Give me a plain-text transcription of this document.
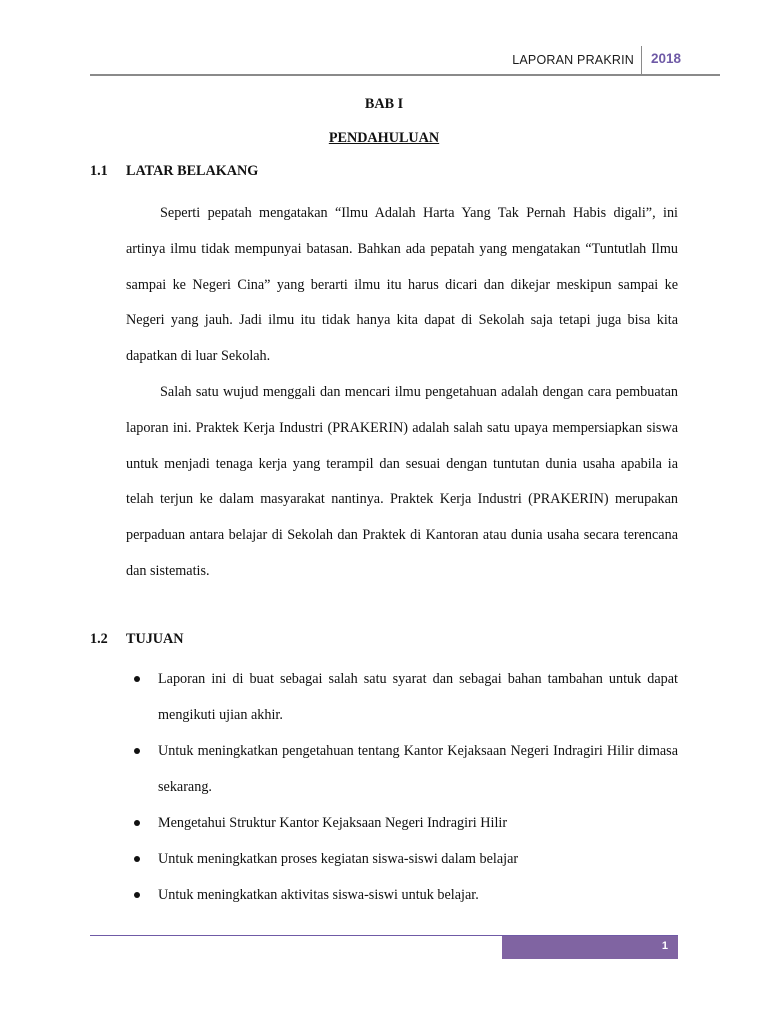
LAPORAN PRAKRIN 2018

BAB I

PENDAHULUAN

1.1	LATAR BELAKANG

Seperti pepatah mengatakan “Ilmu Adalah Harta Yang Tak Pernah Habis digali”, ini artinya ilmu tidak mempunyai batasan. Bahkan ada pepatah yang mengatakan “Tuntutlah Ilmu sampai ke Negeri Cina” yang berarti ilmu itu harus dicari dan dikejar meskipun sampai ke Negeri yang jauh. Jadi ilmu itu tidak hanya kita dapat di Sekolah saja tetapi juga bisa kita dapatkan di luar Sekolah.

Salah satu wujud menggali dan mencari ilmu pengetahuan adalah dengan cara pembuatan laporan ini. Praktek Kerja Industri (PRAKERIN) adalah salah satu upaya mempersiapkan siswa untuk menjadi tenaga kerja yang terampil dan sesuai dengan tuntutan dunia usaha apabila ia telah terjun ke dalam masyarakat nantinya. Praktek Kerja Industri (PRAKERIN) merupakan perpaduan antara belajar di Sekolah dan Praktek di Kantoran atau dunia usaha secara terencana dan sistematis.

1.2	TUJUAN
Laporan ini di buat sebagai salah satu syarat dan sebagai bahan tambahan untuk dapat mengikuti ujian akhir.
Untuk meningkatkan pengetahuan tentang Kantor Kejaksaan Negeri Indragiri Hilir dimasa sekarang.
Mengetahui Struktur Kantor Kejaksaan Negeri Indragiri Hilir
Untuk meningkatkan proses kegiatan siswa-siswi dalam belajar
Untuk meningkatkan aktivitas siswa-siswi untuk belajar.
1
